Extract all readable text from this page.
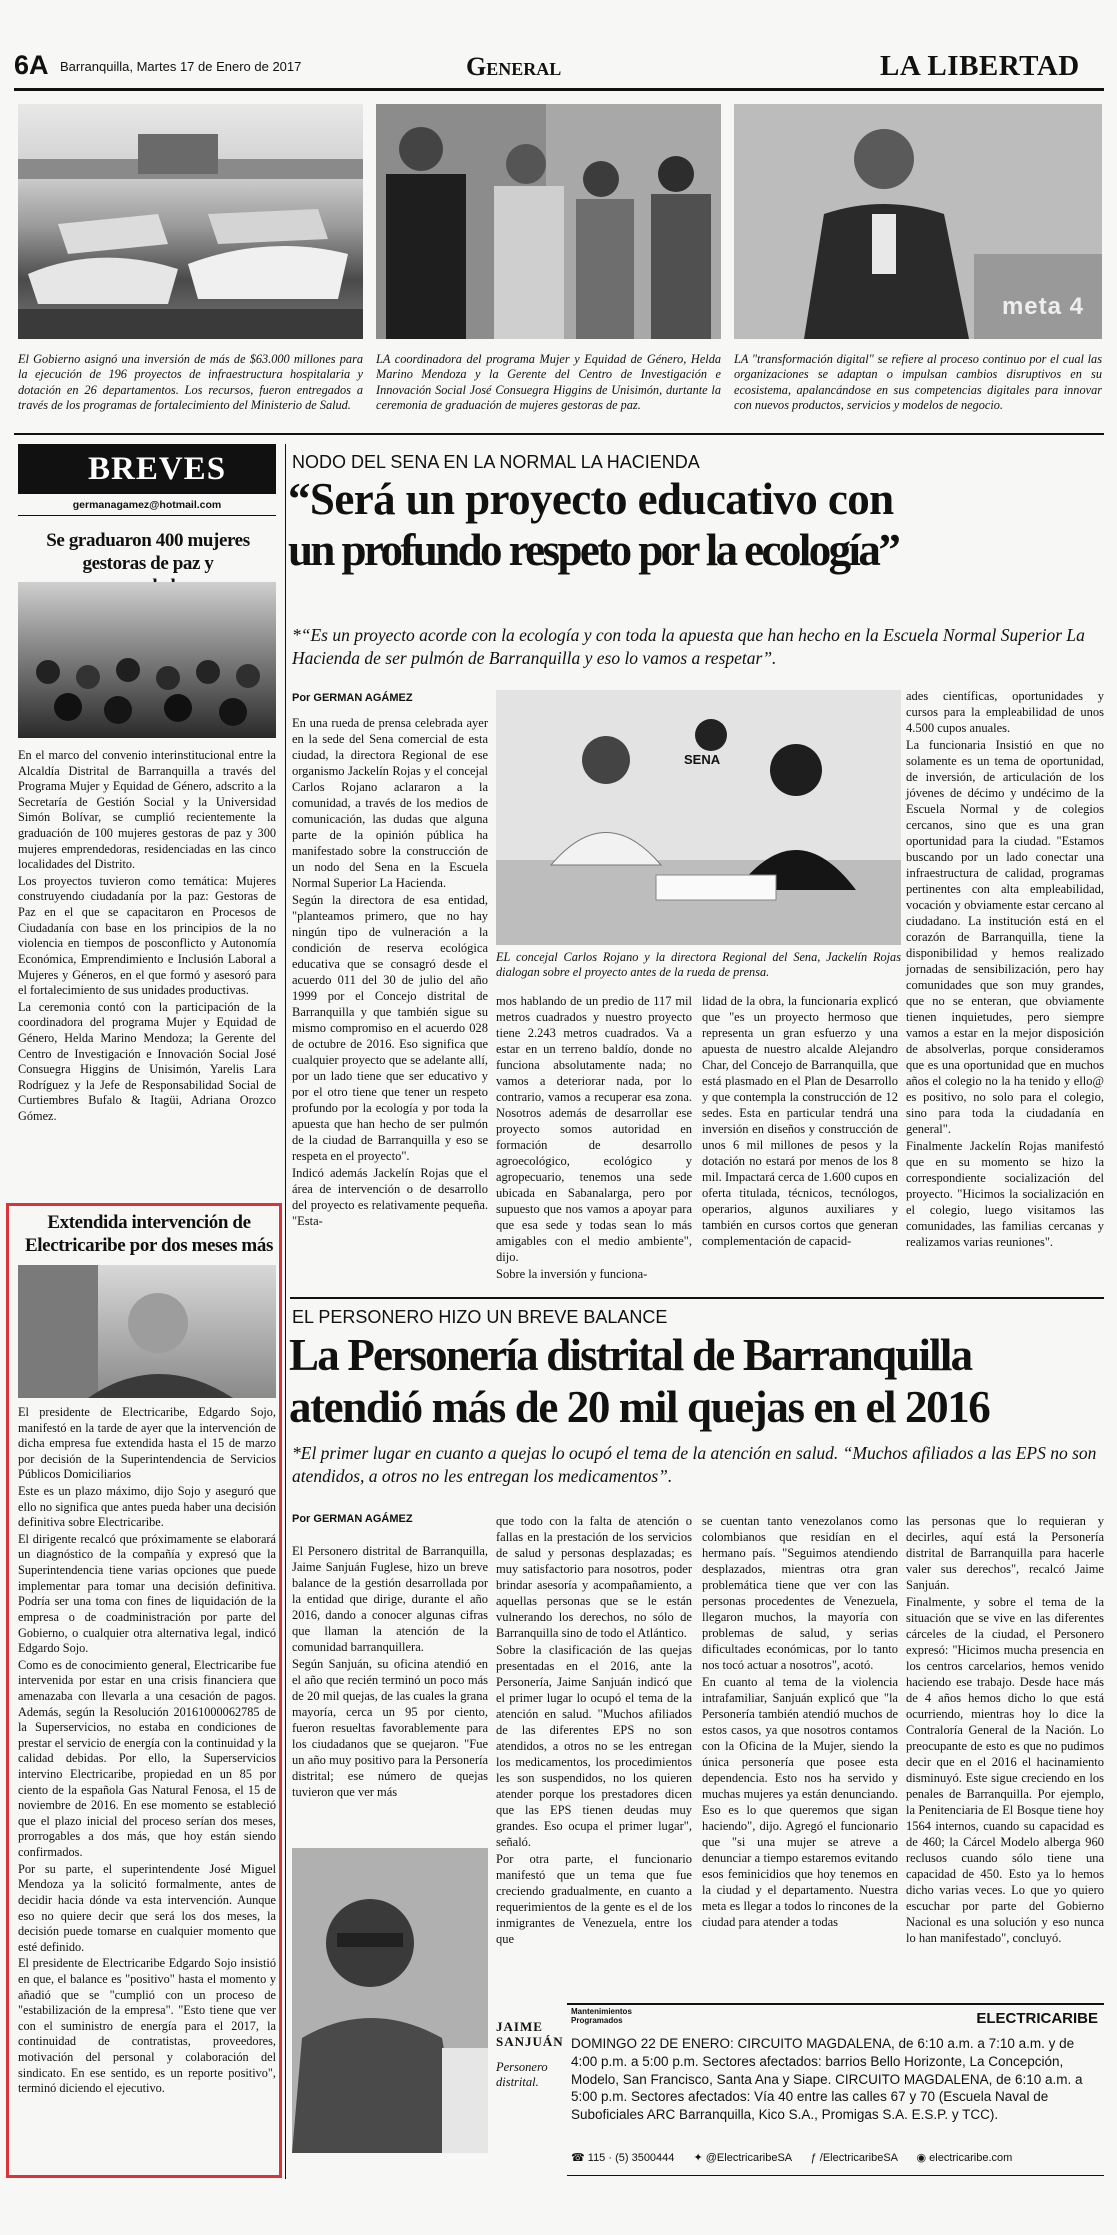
6A Barranquilla, Martes 17 de Enero de 2017	General	LA LIBERTAD
meta 4
El Gobierno asignó una inversión de más de $63.000 millones para la ejecución de 196 proyectos de infraestructura hospitalaria y dotación en 26 departamentos. Los recursos, fueron entregados a través de los programas de fortalecimiento del Ministerio de Salud.
LA coordinadora del programa Mujer y Equidad de Género, Helda Marino Mendoza y la Gerente del Centro de Investigación e Innovación Social José Consuegra Higgins de Unisimón, durtante la ceremonia de graduación de mujeres gestoras de paz.
LA "transformación digital" se refiere al proceso continuo por el cual las organizaciones se adaptan o impulsan cambios disruptivos en su ecosistema, apalancándose en sus competencias digitales para innovar con nuevos productos, servicios y modelos de negocio.
BREVES
germanagamez@hotmail.com
Se graduaron 400 mujeres gestoras de paz y

En el marco del convenio interinstitucional entre la Alcaldía Distrital de Barranquilla a través del Programa Mujer y Equidad de Género, adscrito a la Secretaría de Gestión Social y la Universidad Simón Bolívar, se cumplió recientemente la graduación de 100 mujeres gestoras de paz y 300 mujeres emprendedoras, residenciadas en las cinco localidades del Distrito.

Los proyectos tuvieron como temática: Mujeres construyendo ciudadanía por la paz: Gestoras de Paz en el que se capacitaron en Procesos de Ciudadanía con base en los principios de la no violencia en tiempos de posconflicto y Autonomía Económica, Emprendimiento e Inclusión Laboral a Mujeres y Géneros, en el que formó y asesoró para el fortalecimiento de sus unidades productivas.

La ceremonia contó con la participación de la coordinadora del programa Mujer y Equidad de Género, Helda Marino Mendoza; la Gerente del Centro de Investigación e Innovación Social José Consuegra Higgins de Unisimón, Yarelis Lara Rodríguez y la Jefe de Responsabilidad Social de Curtiembres Bufalo & Itagüi, Adriana Orozco Gómez.

Extendida intervención de Electricaribe por dos meses más

El presidente de Electricaribe, Edgardo Sojo, manifestó en la tarde de ayer que la intervención de dicha empresa fue extendida hasta el 15 de marzo por decisión de la Superintendencia de Servicios Públicos Domiciliarios

Este es un plazo máximo, dijo Sojo y aseguró que ello no significa que antes pueda haber una decisión definitiva sobre Electricaribe.

El dirigente recalcó que próximamente se elaborará un diagnóstico de la compañía y expresó que la Superintendencia tiene varias opciones que puede implementar para tomar una decisión definitiva. Podría ser una toma con fines de liquidación de la empresa o de coadministración por parte del Gobierno, o cualquier otra alternativa legal, indicó Edgardo Sojo.

Como es de conocimiento general, Electricaribe fue intervenida por estar en una crisis financiera que amenazaba con llevarla a una cesación de pagos. Además, según la Resolución 20161000062785 de la Superservicios, no estaba en condiciones de prestar el servicio de energía con la continuidad y la calidad debidas. Por ello, la Superservicios intervino Electricaribe, propiedad en un 85 por ciento de la española Gas Natural Fenosa, el 15 de noviembre de 2016. En ese momento se estableció que el plazo inicial del proceso serían dos meses, prorrogables a dos más, que hoy están siendo confirmados.

Por su parte, el superintendente José Miguel Mendoza ya la solicitó formalmente, antes de decidir hacia dónde va esta intervención. Aunque eso no quiere decir que será los dos meses, la decisión puede tomarse en cualquier momento que esté definido.

El presidente de Electricaribe Edgardo Sojo insistió en que, el balance es "positivo" hasta el momento y añadió que se "cumplió con un proceso de "estabilización de la empresa". "Esto tiene que ver con el suministro de energía para el 2017, la continuidad de contratistas, proveedores, motivación del personal y colaboración del sindicato. En ese sentido, es un reporte positivo", terminó diciendo el ejecutivo.

NODO DEL SENA EN LA NORMAL LA HACIENDA
“Será un proyecto educativo con
un profundo respeto por la ecología”
*“Es un proyecto acorde con la ecología y con toda la apuesta que han hecho en la Escuela Normal Superior La Hacienda de ser pulmón de Barranquilla y eso lo vamos a respetar”.
Por GERMAN AGÁMEZ

En una rueda de prensa celebrada ayer en la sede del Sena comercial de esta ciudad, la directora Regional de ese organismo Jackelín Rojas y el concejal Carlos Rojano aclararon a la comunidad, a través de los medios de comunicación, las dudas que alguna parte de la opinión pública ha manifestado sobre la construcción de un nodo del Sena en la Escuela Normal Superior La Hacienda.

Según la directora de esa entidad, "planteamos primero, que no hay ningún tipo de vulneración a la condición de reserva ecológica educativa que se consagró desde el acuerdo 011 del 30 de julio del año 1999 por el Concejo distrital de Barranquilla y que también sigue su mismo compromiso en el acuerdo 028 de octubre de 2016. Eso significa que cualquier proyecto que se adelante allí, por un lado tiene que ser educativo y por el otro tiene que tener un respeto profundo por la ecología y por toda la apuesta que han hecho de ser pulmón de la ciudad de Barranquilla y eso se respeta en el proyecto".

Indicó además Jackelín Rojas que el área de intervención o de desarrollo del proyecto es relativamente pequeña. "Esta-

SENA
EL concejal Carlos Rojano y la directora Regional del Sena, Jackelín Rojas dialogan sobre el proyecto antes de la rueda de prensa.

mos hablando de un predio de 117 mil metros cuadrados y nuestro proyecto tiene 2.243 metros cuadrados. Va a estar en un terreno baldío, donde no funciona absolutamente nada; no vamos a deteriorar nada, por lo contrario, vamos a recuperar esa zona. Nosotros además de desarrollar ese proyecto somos autoridad en formación de desarrollo agroecológico, ecológico y agropecuario, tenemos una sede ubicada en Sabanalarga, pero por supuesto que nos vamos a apoyar para que esa sede y todas sean lo más amigables con el medio ambiente", dijo.

Sobre la inversión y funciona-

lidad de la obra, la funcionaria explicó que "es un proyecto hermoso que representa un gran esfuerzo y una apuesta de nuestro alcalde Alejandro Char, del Concejo de Barranquilla, que está plasmado en el Plan de Desarrollo y que contempla la construcción de 12 sedes. Esta en particular tendrá una inversión en diseños y construcción de unos 6 mil millones de pesos y la dotación no estará por menos de los 8 mil. Impactará cerca de 1.600 cupos en oferta titulada, técnicos, tecnólogos, operarios, algunos auxiliares y también en cursos cortos que generan complementación de capacid-

ades científicas, oportunidades y cursos para la empleabilidad de unos 4.500 cupos anuales.

La funcionaria Insistió en que no solamente es un tema de oportunidad, de inversión, de articulación de los jóvenes de décimo y undécimo de la Escuela Normal y de colegios cercanos, sino que es una gran oportunidad para la ciudad. "Estamos buscando por un lado conectar una infraestructura de calidad, programas pertinentes con alta empleabilidad, vocación y obviamente estar cercano al ciudadano. La institución está en el corazón de Barranquilla, tiene la disponibilidad y hemos realizado jornadas de sensibilización, pero hay comunidades que son muy grandes, que no se enteran, que obviamente tienen inquietudes, pero siempre vamos a estar en la mejor disposición de absolverlas, porque consideramos que es una oportunidad que en muchos años el colegio no la ha tenido y ello@ es positivo, no solo para el colegio, sino para toda la ciudadanía en general".

Finalmente Jackelín Rojas manifestó que en su momento se hizo la correspondiente socialización del proyecto. "Hicimos la socialización en el colegio, luego visitamos las comunidades, las familias cercanas y realizamos varias reuniones".

EL PERSONERO HIZO UN BREVE BALANCE
La Personería distrital de Barranquilla
atendió más de 20 mil quejas en el 2016
*El primer lugar en cuanto a quejas lo ocupó el tema de la atención en salud. “Muchos afiliados a las EPS no son atendidos, a otros no les entregan los medicamentos”.
Por GERMAN AGÁMEZ

El Personero distrital de Barranquilla, Jaime Sanjuán Fuglese, hizo un breve balance de la gestión desarrollada por la entidad que dirige, durante el año 2016, dando a conocer algunas cifras que llaman la atención de la comunidad barranquillera.

Según Sanjuán, su oficina atendió en el año que recién terminó un poco más de 20 mil quejas, de las cuales la grana mayoría, cerca un 95 por ciento, fueron resueltas favorablemente para los ciudadanos que se quejaron. "Fue un año muy positivo para la Personería distrital; ese número de quejas tuvieron que ver más

JAIME SANJUÁN
Personero distrital.

que todo con la falta de atención o fallas en la prestación de los servicios de salud y personas desplazadas; es muy satisfactorio para nosotros, poder brindar asesoría y acompañamiento, a aquellas personas que se le están vulnerando los derechos, no sólo de Barranquilla sino de todo el Atlántico.

Sobre la clasificación de las quejas presentadas en el 2016, ante la Personería, Jaime Sanjuán indicó que el primer lugar lo ocupó el tema de la atención en salud. "Muchos afiliados de las diferentes EPS no son atendidos, a otros no se les entregan los medicamentos, los procedimientos les son suspendidos, no los quieren atender porque los prestadores dicen que las EPS tienen deudas muy grandes. Eso ocupa el primer lugar", señaló.

Por otra parte, el funcionario manifestó que un tema que fue creciendo gradualmente, en cuanto a requerimientos de la gente es el de los inmigrantes de Venezuela, entre los que

se cuentan tanto venezolanos como colombianos que residían en el hermano país. "Seguimos atendiendo desplazados, mientras otra gran problemática tiene que ver con las personas procedentes de Venezuela, llegaron muchos, la mayoría con problemas de salud, y serias dificultades económicas, por lo tanto nos tocó actuar a nosotros", acotó.

En cuanto al tema de la violencia intrafamiliar, Sanjuán explicó que "la Personería también atendió muchos de estos casos, ya que nosotros contamos con la Oficina de la Mujer, siendo la única personería que posee esta dependencia. Esto nos ha servido y muchas mujeres ya están denunciando. Eso es lo que queremos que sigan haciendo", dijo. Agregó el funcionario que "si una mujer se atreve a denunciar a tiempo estaremos evitando esos feminicidios que hoy tenemos en la ciudad y el departamento. Nuestra meta es llegar a todos lo rincones de la ciudad para atender a todas

las personas que lo requieran y decirles, aquí está la Personería distrital de Barranquilla para hacerle valer sus derechos", recalcó Jaime Sanjuán.

Finalmente, y sobre el tema de la situación que se vive en las diferentes cárceles de la ciudad, el Personero expresó: "Hicimos mucha presencia en los centros carcelarios, hemos venido haciendo ese trabajo. Desde hace más de 4 años hemos dicho lo que está ocurriendo, mientras hoy lo dice la Contraloría General de la Nación. Lo preocupante de esto es que no pudimos decir que en el 2016 el hacinamiento disminuyó. Este sigue creciendo en los penales de Barranquilla. Por ejemplo, la Penitenciaria de El Bosque tiene hoy 1564 internos, cuando su capacidad es de 460; la Cárcel Modelo alberga 960 reclusos cuando sólo tiene una capacidad de 450. Esto ya lo hemos dicho varias veces. Lo que yo quiero escuchar por parte del Gobierno Nacional es una solución y eso nunca lo han manifestado", concluyó.

Mantenimientos Programados	ELECTRICARIBE
DOMINGO 22 DE ENERO: CIRCUITO MAGDALENA, de 6:10 a.m. a 7:10 a.m. y de 4:00 p.m. a 5:00 p.m. Sectores afectados: barrios Bello Horizonte, La Concepción, Modelo, San Francisco, Santa Ana y Siape. CIRCUITO MAGDALENA, de 6:10 a.m. a 5:00 p.m. Sectores afectados: Vía 40 entre las calles 67 y 70 (Escuela Naval de Suboficiales ARC Barranquilla, Kico S.A., Promigas S.A. E.S.P. y TCC).
☎ 115 · (5) 3500444 ✦ @ElectricaribeSA ƒ /ElectricaribeSA ◉ electricaribe.com
